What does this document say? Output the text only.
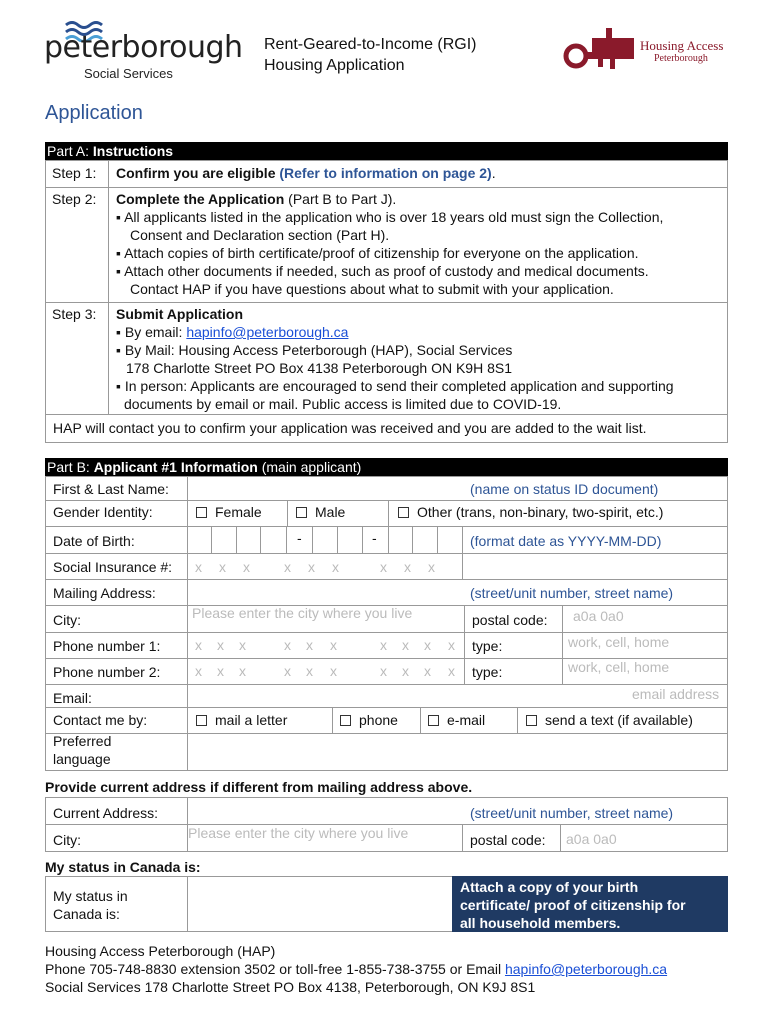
peterborough
Social Services
Rent-Geared-to-Income (RGI)
Housing Application
Housing Access
Peterborough
Application
Part A: Instructions
Step 1: Confirm you are eligible (Refer to information on page 2).
Step 2: Complete the Application (Part B to Part J).
▪ All applicants listed in the application who is over 18 years old must sign the Collection,
Consent and Declaration section (Part H).
▪ Attach copies of birth certificate/proof of citizenship for everyone on the application.
▪ Attach other documents if needed, such as proof of custody and medical documents.
Contact HAP if you have questions about what to submit with your application.
Step 3: Submit Application
▪ By email: hapinfo@peterborough.ca
▪ By Mail: Housing Access Peterborough (HAP), Social Services
178 Charlotte Street PO Box 4138 Peterborough ON K9H 8S1
▪ In person: Applicants are encouraged to send their completed application and supporting
documents by email or mail. Public access is limited due to COVID-19.
HAP will contact you to confirm your application was received and you are added to the wait list.
Part B: Applicant #1 Information (main applicant)
First & Last Name:	(name on status ID document)
Gender Identity:	Female	Male	Other (trans, non-binary, two-spirit, etc.)
Date of Birth:	-	-	(format date as YYYY-MM-DD)
Social Insurance #: x x x x x x	x x x
Mailing Address:	(street/unit number, street name)
City:	Please enter the city where you live	postal code: a0a 0a0
Phone number 1: x x x	x x x	x x x x type:	work, cell, home
Phone number 2: x x x	x x x	x x x x type:	work, cell, home
Email:	email address
Contact me by:	mail a letter	phone	e-mail	send a text (if available)
Preferred
language
Provide current address if different from mailing address above.
Current Address:	(street/unit number, street name)
City:	Please enter the city where you live	postal code: a0a 0a0
My status in Canada is:
My status in
Canada is:
Attach a copy of your birth
certificate/ proof of citizenship for
all household members.
Housing Access Peterborough (HAP)
Phone 705-748-8830 extension 3502 or toll-free 1-855-738-3755 or Email hapinfo@peterborough.ca
Social Services 178 Charlotte Street PO Box 4138, Peterborough, ON K9J 8S1
